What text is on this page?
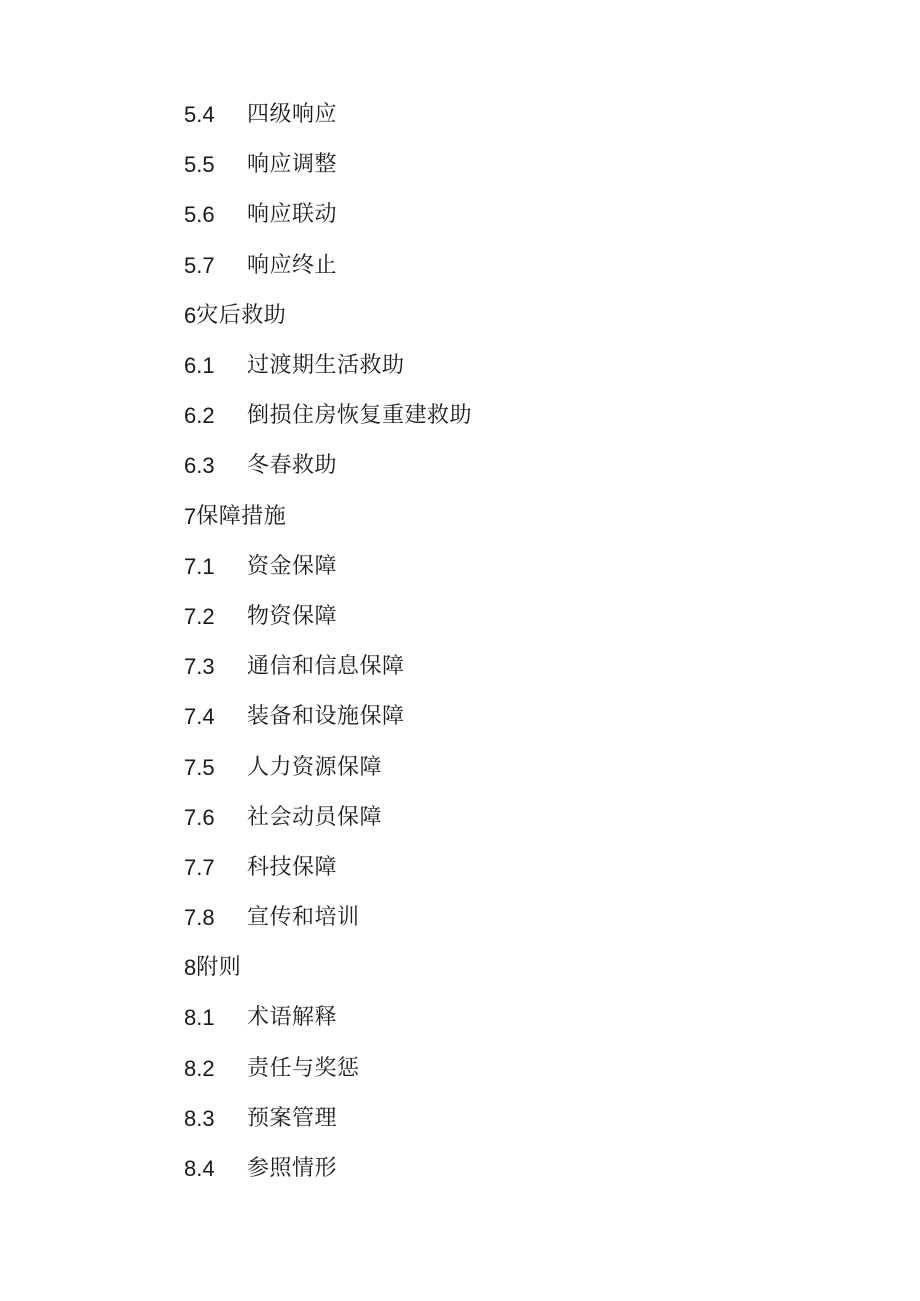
5.4	四级响应
5.5	响应调整
5.6	响应联动
5.7	响应终止
6 灾后救助
6.1	过渡期生活救助
6.2	倒损住房恢复重建救助
6.3	冬春救助
7 保障措施
7.1	资金保障
7.2	物资保障
7.3	通信和信息保障
7.4	装备和设施保障
7.5	人力资源保障
7.6	社会动员保障
7.7	科技保障
7.8	宣传和培训
8 附则
8.1	术语解释
8.2	责任与奖惩
8.3	预案管理
8.4	参照情形
